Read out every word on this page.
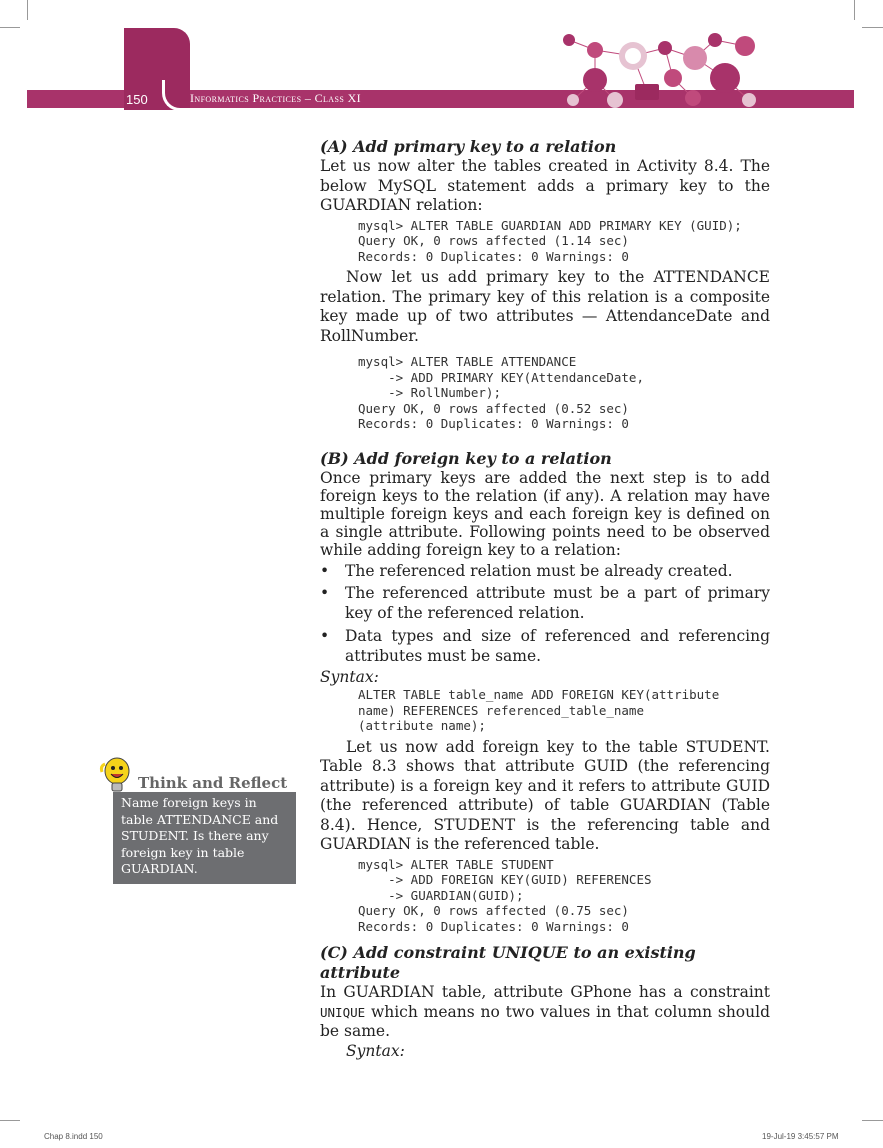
150	Informatics Practices – Class XI

(A) Add primary key to a relation

Let us now alter the tables created in Activity 8.4. The below MySQL statement adds a primary key to the GUARDIAN relation:

mysql> ALTER TABLE GUARDIAN ADD PRIMARY KEY (GUID);
Query OK, 0 rows affected (1.14 sec)
Records: 0 Duplicates: 0 Warnings: 0

Now let us add primary key to the ATTENDANCE relation. The primary key of this relation is a composite key made up of two attributes — AttendanceDate and RollNumber.

mysql> ALTER TABLE ATTENDANCE
-> ADD PRIMARY KEY(AttendanceDate,
-> RollNumber);
Query OK, 0 rows affected (0.52 sec)
Records: 0 Duplicates: 0 Warnings: 0

(B) Add foreign key to a relation

Once primary keys are added the next step is to add foreign keys to the relation (if any). A relation may have multiple foreign keys and each foreign key is defined on a single attribute. Following points need to be observed while adding foreign key to a relation:

• The referenced relation must be already created.

• The referenced attribute must be a part of primary key of the referenced relation.

• Data types and size of referenced and referencing attributes must be same.

Syntax:

ALTER TABLE table_name ADD FOREIGN KEY(attribute
name) REFERENCES referenced_table_name
(attribute name);

Let us now add foreign key to the table STUDENT. Table 8.3 shows that attribute GUID (the referencing attribute) is a foreign key and it refers to attribute GUID (the referenced attribute) of table GUARDIAN (Table 8.4). Hence, STUDENT is the referencing table and GUARDIAN is the referenced table.

mysql> ALTER TABLE STUDENT
-> ADD FOREIGN KEY(GUID) REFERENCES
-> GUARDIAN(GUID);
Query OK, 0 rows affected (0.75 sec)
Records: 0 Duplicates: 0 Warnings: 0

(C) Add constraint UNIQUE to an existing attribute

In GUARDIAN table, attribute GPhone has a constraint UNIQUE which means no two values in that column should be same.

Syntax:

Think and Reflect
Name foreign keys in table ATTENDANCE and STUDENT. Is there any foreign key in table GUARDIAN.
Chap 8.indd 150	19-Jul-19 3:45:57 PM
